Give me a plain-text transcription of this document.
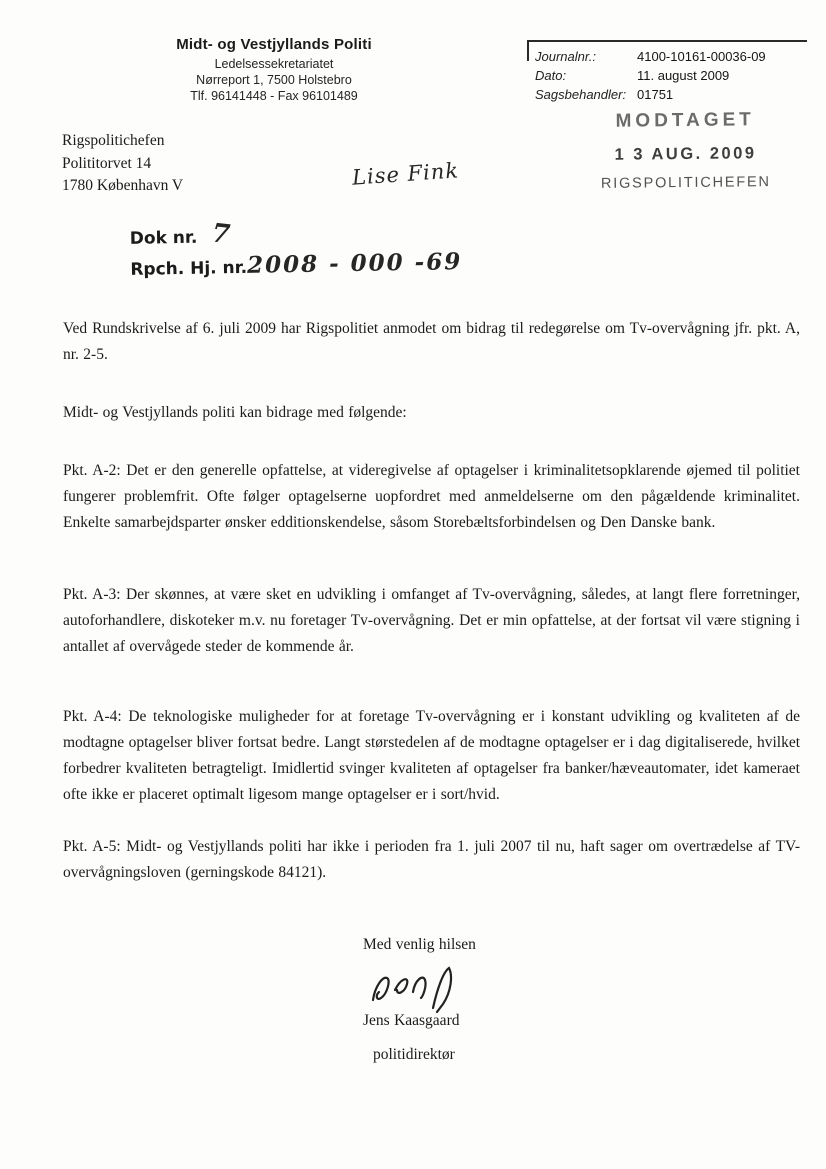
Midt- og Vestjyllands Politi
Ledelsessekretariatet
Nørreport 1, 7500 Holstebro
Tlf. 96141448 - Fax 96101489
Journalnr.:	4100-10161-00036-09
Dato:	11. august 2009
Sagsbehandler: 01751
MODTAGET
1 3 AUG. 2009
RIGSPOLITICHEFEN
Rigspolitichefen
Polititorvet 14
1780 København V	Lise Fink
Dok nr. 7
Rpch. Hj. nr.2008 - 000 -69

Ved Rundskrivelse af 6. juli 2009 har Rigspolitiet anmodet om bidrag til redegørelse om Tv-overvågning jfr. pkt. A, nr. 2-5.

Midt- og Vestjyllands politi kan bidrage med følgende:

Pkt. A-2: Det er den generelle opfattelse, at videregivelse af optagelser i kriminalitetsopklarende øjemed til politiet fungerer problemfrit. Ofte følger optagelserne uopfordret med anmeldelserne om den pågældende kriminalitet. Enkelte samarbejdsparter ønsker edditionskendelse, såsom Storebæltsforbindelsen og Den Danske bank.

Pkt. A-3: Der skønnes, at være sket en udvikling i omfanget af Tv-overvågning, således, at langt flere forretninger, autoforhandlere, diskoteker m.v. nu foretager Tv-overvågning. Det er min opfattelse, at der fortsat vil være stigning i antallet af overvågede steder de kommende år.

Pkt. A-4: De teknologiske muligheder for at foretage Tv-overvågning er i konstant udvikling og kvaliteten af de modtagne optagelser bliver fortsat bedre. Langt størstedelen af de modtagne optagelser er i dag digitaliserede, hvilket forbedrer kvaliteten betragteligt. Imidlertid svinger kvaliteten af optagelser fra banker/hæveautomater, idet kameraet ofte ikke er placeret optimalt ligesom mange optagelser er i sort/hvid.

Pkt. A-5: Midt- og Vestjyllands politi har ikke i perioden fra 1. juli 2007 til nu, haft sager om overtrædelse af TV-overvågningsloven (gerningskode 84121).

Med venlig hilsen
Jens Kaasgaard
politidirektør
